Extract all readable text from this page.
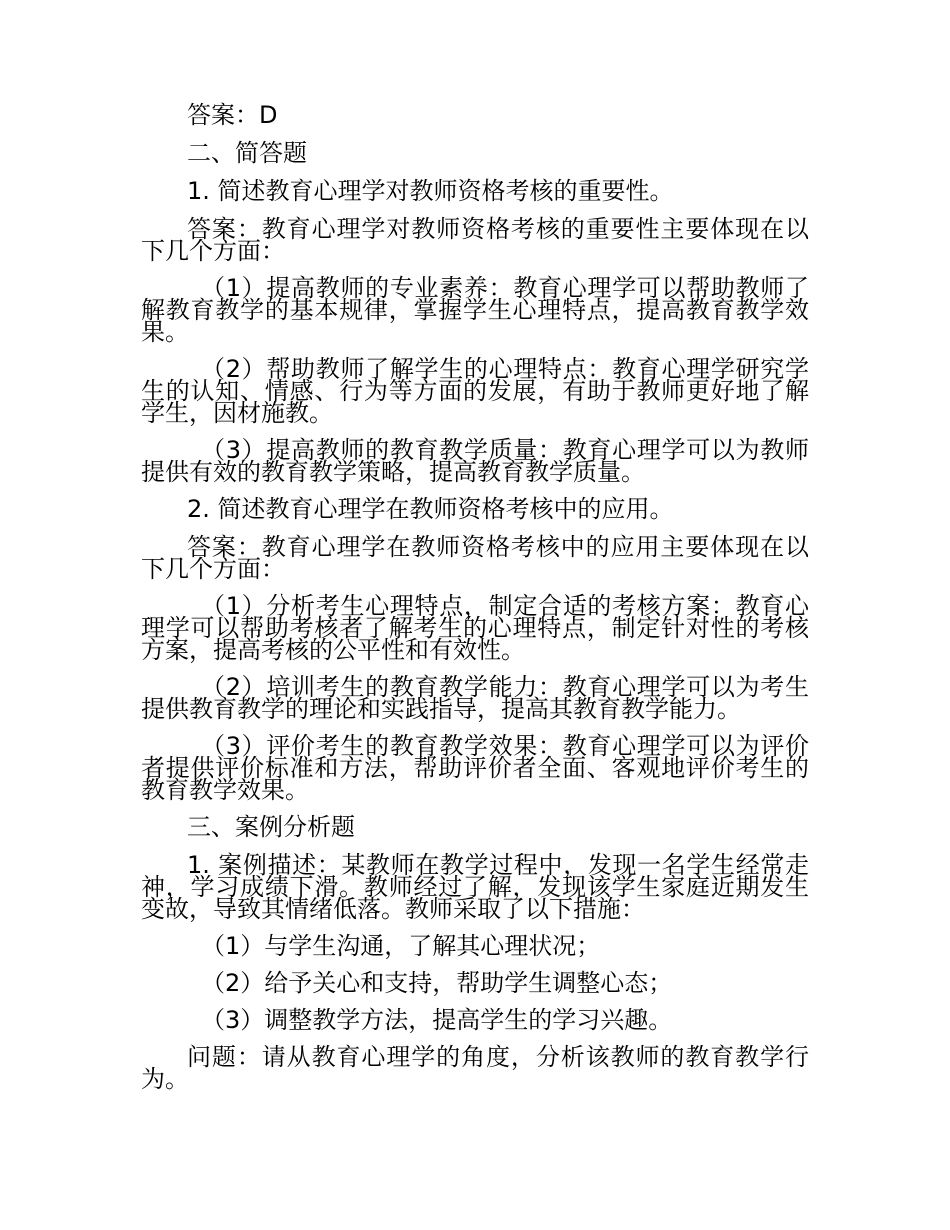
答案：D

二、简答题

1. 简述教育心理学对教师资格考核的重要性。

答案：教育心理学对教师资格考核的重要性主要体现在以下几个方面：

（1）提高教师的专业素养：教育心理学可以帮助教师了解教育教学的基本规律，掌握学生心理特点，提高教育教学效果。

（2）帮助教师了解学生的心理特点：教育心理学研究学生的认知、情感、行为等方面的发展，有助于教师更好地了解学生，因材施教。

（3）提高教师的教育教学质量：教育心理学可以为教师提供有效的教育教学策略，提高教育教学质量。

2. 简述教育心理学在教师资格考核中的应用。

答案：教育心理学在教师资格考核中的应用主要体现在以下几个方面：

（1）分析考生心理特点，制定合适的考核方案：教育心理学可以帮助考核者了解考生的心理特点，制定针对性的考核方案，提高考核的公平性和有效性。

（2）培训考生的教育教学能力：教育心理学可以为考生提供教育教学的理论和实践指导，提高其教育教学能力。

（3）评价考生的教育教学效果：教育心理学可以为评价者提供评价标准和方法，帮助评价者全面、客观地评价考生的教育教学效果。

三、案例分析题

1. 案例描述：某教师在教学过程中，发现一名学生经常走神，学习成绩下滑。教师经过了解，发现该学生家庭近期发生变故，导致其情绪低落。教师采取了以下措施：

（1）与学生沟通，了解其心理状况；

（2）给予关心和支持，帮助学生调整心态；

（3）调整教学方法，提高学生的学习兴趣。

问题：请从教育心理学的角度，分析该教师的教育教学行为。
